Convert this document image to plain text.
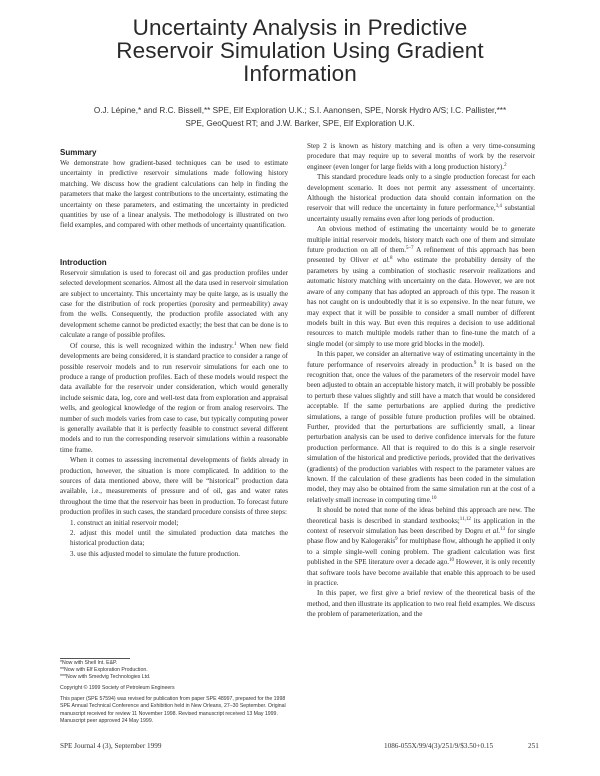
Uncertainty Analysis in Predictive
Reservoir Simulation Using Gradient
Information
O.J. Lépine,* and R.C. Bissell,** SPE, Elf Exploration U.K.; S.I. Aanonsen, SPE, Norsk Hydro A/S; I.C. Pallister,***
SPE, GeoQuest RT; and J.W. Barker, SPE, Elf Exploration U.K.
Summary

We demonstrate how gradient-based techniques can be used to estimate uncertainty in predictive reservoir simulations made following history matching. We discuss how the gradient calculations can help in finding the parameters that make the largest contributions to the uncertainty, estimating the uncertainty on these parameters, and estimating the uncertainty in predicted quantities by use of a linear analysis. The methodology is illustrated on two field examples, and compared with other methods of uncertainty quantification.

Introduction

Reservoir simulation is used to forecast oil and gas production profiles under selected development scenarios. Almost all the data used in reservoir simulation are subject to uncertainty. This uncertainty may be quite large, as is usually the case for the distribution of rock properties (porosity and permeability) away from the wells. Consequently, the production profile associated with any development scheme cannot be predicted exactly; the best that can be done is to calculate a range of possible profiles.

Of course, this is well recognized within the industry.$^1$ When new field developments are being considered, it is standard practice to consider a range of possible reservoir models and to run reservoir simulations for each one to produce a range of production profiles. Each of these models would respect the data available for the reservoir under consideration, which would generally include seismic data, log, core and well-test data from exploration and appraisal wells, and geological knowledge of the region or from analog reservoirs. The number of such models varies from case to case, but typically computing power is generally available that it is perfectly feasible to construct several different models and to run the corresponding reservoir simulations within a reasonable time frame.

When it comes to assessing incremental developments of fields already in production, however, the situation is more complicated. In addition to the sources of data mentioned above, there will be “historical” production data available, i.e., measurements of pressure and of oil, gas and water rates throughout the time that the reservoir has been in production. To forecast future production profiles in such cases, the standard procedure consists of three steps:

1. construct an initial reservoir model;
2. adjust this model until the simulated production data matches the historical production data;
3. use this adjusted model to simulate the future production.

*Now with Shell Int. E&P.

**Now with Elf Exploration Production.

***Now with Smedvig Technologies Ltd.

Copyright © 1999 Society of Petroleum Engineers

This paper (SPE 57594) was revised for publication from paper SPE 48997, prepared for the 1998 SPE Annual Technical Conference and Exhibition held in New Orleans, 27–30 September. Original manuscript received for review 11 November 1998. Revised manuscript received 13 May 1999. Manuscript peer approved 24 May 1999.

Step 2 is known as history matching and is often a very time-consuming procedure that may require up to several months of work by the reservoir engineer (even longer for large fields with a long production history).$^2$

This standard procedure leads only to a single production forecast for each development scenario. It does not permit any assessment of uncertainty. Although the historical production data should contain information on the reservoir that will reduce the uncertainty in future performance,$^{3,4}$ substantial uncertainty usually remains even after long periods of production.

An obvious method of estimating the uncertainty would be to generate multiple initial reservoir models, history match each one of them and simulate future production on all of them.$^{5-7}$ A refinement of this approach has been presented by Oliver et al.$^8$ who estimate the probability density of the parameters by using a combination of stochastic reservoir realizations and automatic history matching with uncertainty on the data. However, we are not aware of any company that has adopted an approach of this type. The reason it has not caught on is undoubtedly that it is so expensive. In the near future, we may expect that it will be possible to consider a small number of different models built in this way. But even this requires a decision to use additional resources to match multiple models rather than to fine-tune the match of a single model (or simply to use more grid blocks in the model).

In this paper, we consider an alternative way of estimating uncertainty in the future performance of reservoirs already in production.$^9$ It is based on the recognition that, once the values of the parameters of the reservoir model have been adjusted to obtain an acceptable history match, it will probably be possible to perturb these values slightly and still have a match that would be considered acceptable. If the same perturbations are applied during the predictive simulations, a range of possible future production profiles will be obtained. Further, provided that the perturbations are sufficiently small, a linear perturbation analysis can be used to derive confidence intervals for the future production performance. All that is required to do this is a single reservoir simulation of the historical and predictive periods, provided that the derivatives (gradients) of the production variables with respect to the parameter values are known. If the calculation of these gradients has been coded in the simulation model, they may also be obtained from the same simulation run at the cost of a relatively small increase in computing time.$^{10}$

It should be noted that none of the ideas behind this approach are new. The theoretical basis is described in standard textbooks;$^{11,12}$ its application in the context of reservoir simulation has been described by Dogru et al.$^{13}$ for single phase flow and by Kalogerakis$^9$ for multiphase flow, although he applied it only to a simple single-well coning problem. The gradient calculation was first published in the SPE literature over a decade ago.$^{10}$ However, it is only recently that software tools have become available that enable this approach to be used in practice.

In this paper, we first give a brief review of the theoretical basis of the method, and then illustrate its application to two real field examples. We discuss the problem of parameterization, and the

SPE Journal 4 (3), September 1999	1086-055X/99/4(3)/251/9/$3.50+0.15	251
